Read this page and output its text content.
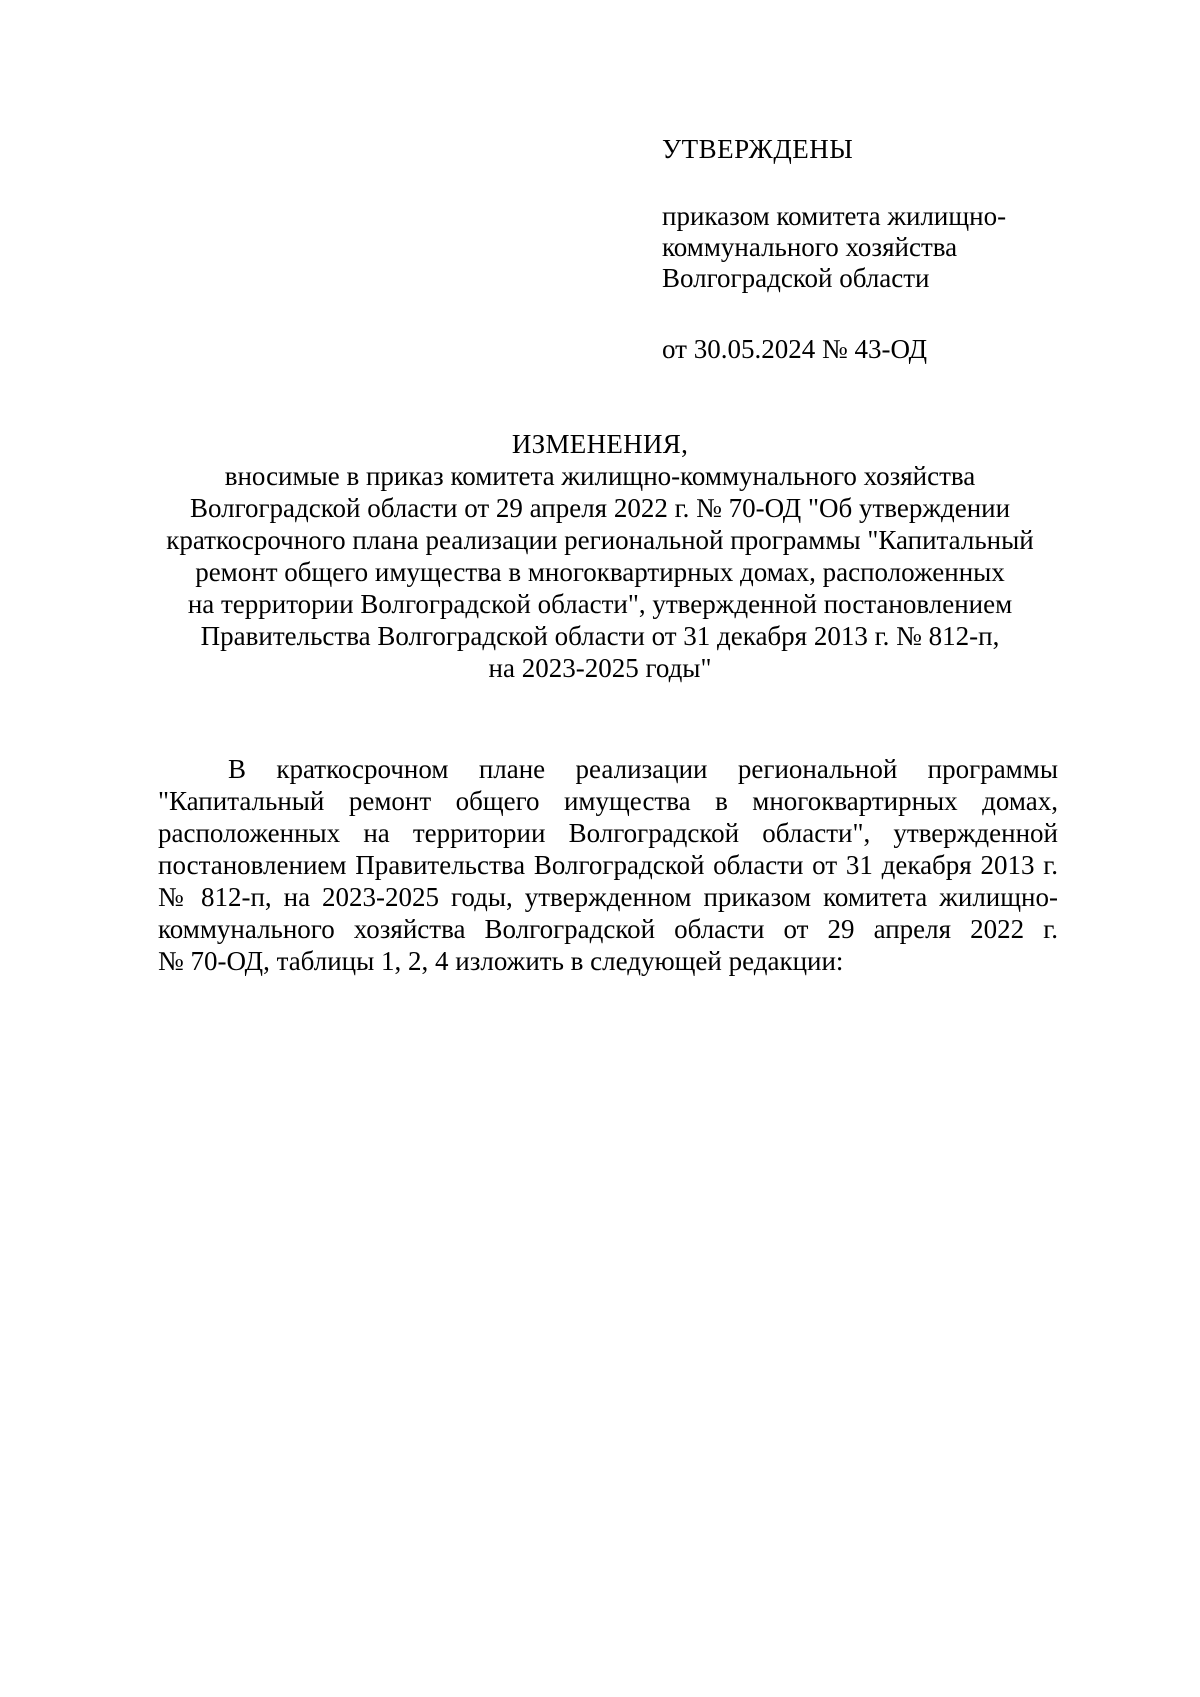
УТВЕРЖДЕНЫ
приказом комитета жилищно-
коммунального хозяйства
Волгоградской области
от 30.05.2024 № 43-ОД
ИЗМЕНЕНИЯ,
вносимые в приказ комитета жилищно-коммунального хозяйства
Волгоградской области от 29 апреля 2022 г. № 70-ОД "Об утверждении
краткосрочного плана реализации региональной программы "Капитальный
ремонт общего имущества в многоквартирных домах, расположенных
на территории Волгоградской области", утвержденной постановлением
Правительства Волгоградской области от 31 декабря 2013 г. № 812-п,
на 2023-2025 годы"
В краткосрочном плане реализации региональной программы
"Капитальный ремонт общего имущества в многоквартирных домах,
расположенных на территории Волгоградской области", утвержденной
постановлением Правительства Волгоградской области от 31 декабря 2013 г.
№ 812-п, на 2023-2025 годы, утвержденном приказом комитета жилищно-
коммунального хозяйства Волгоградской области от 29 апреля 2022 г.
№ 70-ОД, таблицы 1, 2, 4 изложить в следующей редакции:
